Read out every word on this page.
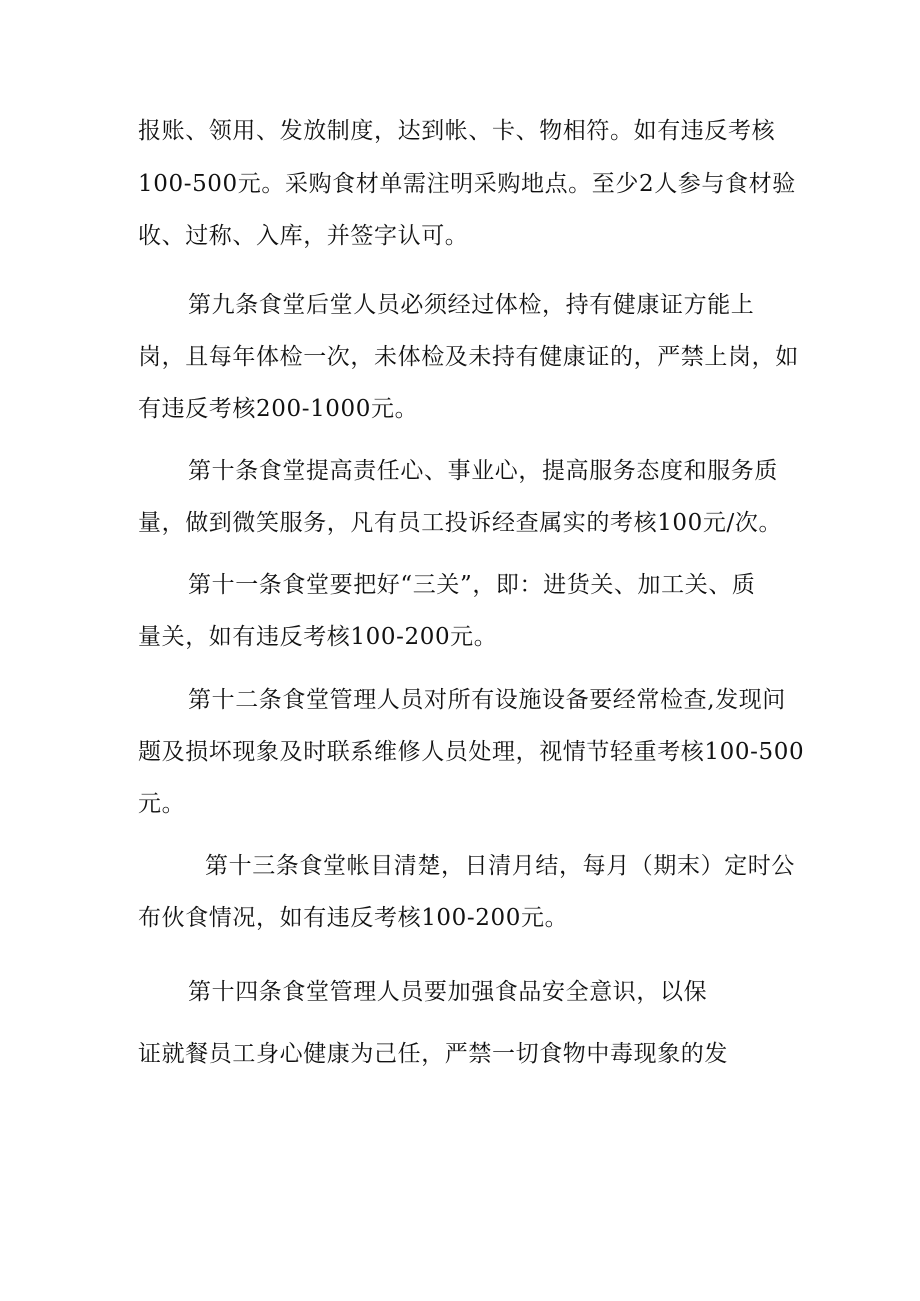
报账、领用、发放制度，达到帐、卡、物相符。如有违反考核
100-500元。采购食材单需注明采购地点。至少2人参与食材验
收、过称、入库，并签字认可。
第九条食堂后堂人员必须经过体检，持有健康证方能上
岗，且每年体检一次，未体检及未持有健康证的，严禁上岗，如
有违反考核200-1000元。
第十条食堂提高责任心、事业心，提高服务态度和服务质
量，做到微笑服务，凡有员工投诉经查属实的考核100元/次。
第十一条食堂要把好“三关”，即：进货关、加工关、质
量关，如有违反考核100-200元。
第十二条食堂管理人员对所有设施设备要经常检查,发现问
题及损坏现象及时联系维修人员处理，视情节轻重考核100-500
元。
第十三条食堂帐目清楚，日清月结，每月（期末）定时公
布伙食情况，如有违反考核100-200元。
第十四条食堂管理人员要加强食品安全意识，以保
证就餐员工身心健康为己任，严禁一切食物中毒现象的发
